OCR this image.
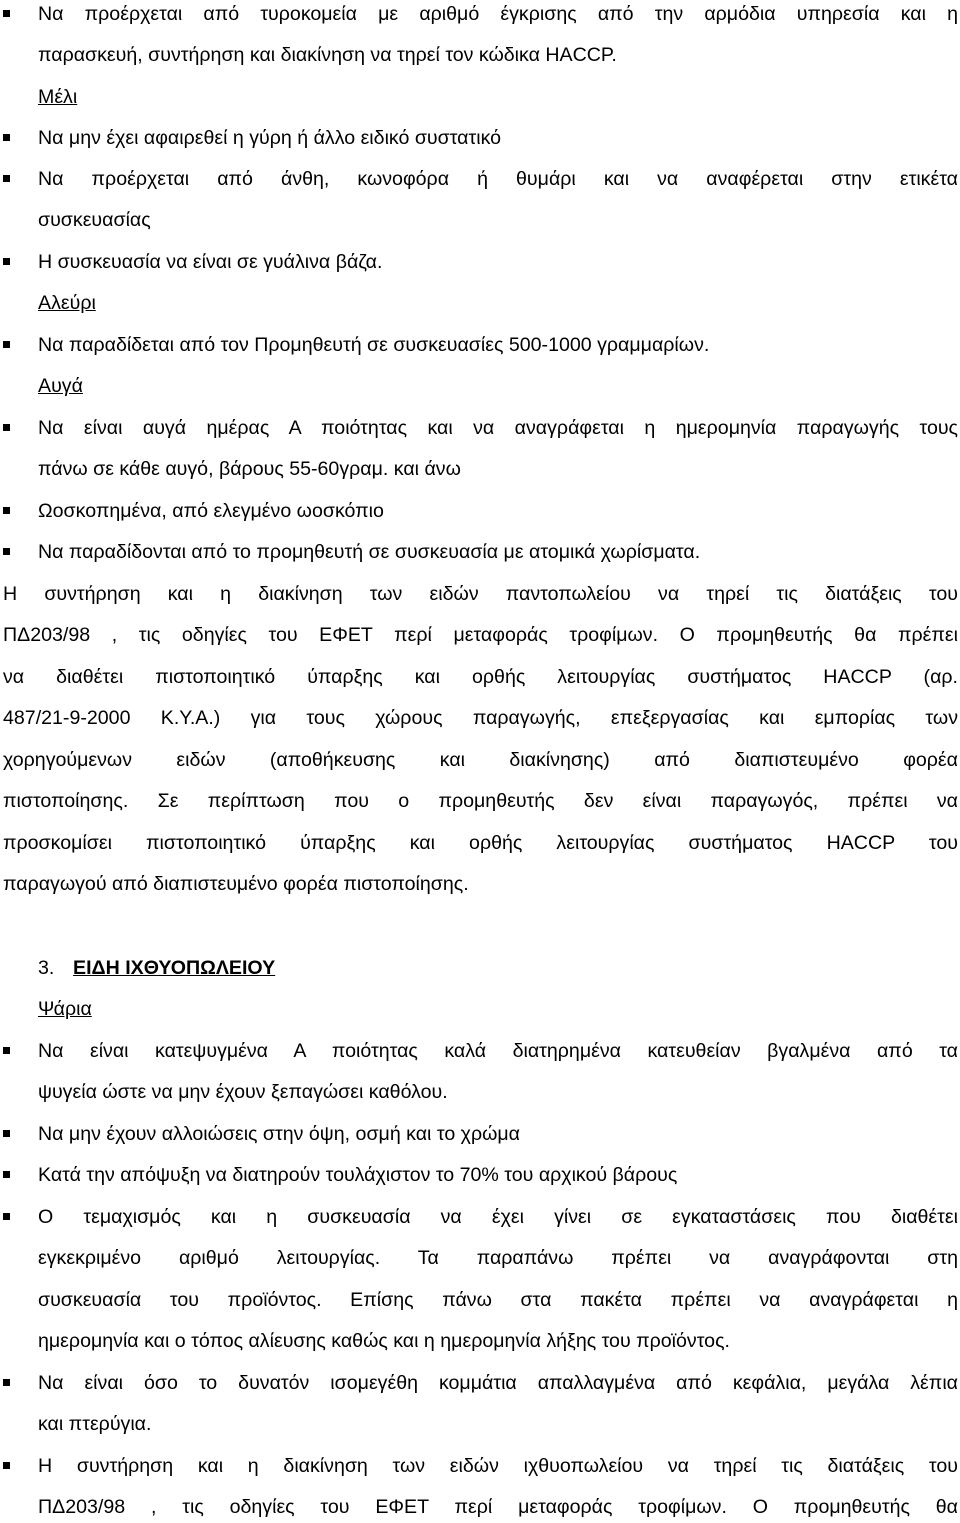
Να προέρχεται από τυροκομεία με αριθμό έγκρισης από την αρμόδια υπηρεσία και η
παρασκευή, συντήρηση και διακίνηση να τηρεί τον κώδικα HACCP.
Μέλι
Να μην έχει αφαιρεθεί η γύρη ή άλλο ειδικό συστατικό
Να προέρχεται από άνθη, κωνοφόρα ή θυμάρι και να αναφέρεται στην ετικέτα
συσκευασίας
Η συσκευασία να είναι σε γυάλινα βάζα.
Αλεύρι
Να παραδίδεται από τον Προμηθευτή σε συσκευασίες 500-1000 γραμμαρίων.
Αυγά
Να είναι αυγά ημέρας Α ποιότητας και να αναγράφεται η ημερομηνία παραγωγής τους
πάνω σε κάθε αυγό, βάρους 55-60γραμ. και άνω
Ωοσκοπημένα, από ελεγμένο ωοσκόπιο
Να παραδίδονται από το προμηθευτή σε συσκευασία με ατομικά χωρίσματα.
Η συντήρηση και η διακίνηση των ειδών παντοπωλείου να τηρεί τις διατάξεις του
ΠΔ203/98 , τις οδηγίες του ΕΦΕΤ περί μεταφοράς τροφίμων. Ο προμηθευτής θα πρέπει
να διαθέτει πιστοποιητικό ύπαρξης και ορθής λειτουργίας συστήματος HACCP (αρ.
487/21-9-2000 Κ.Υ.Α.) για τους χώρους παραγωγής, επεξεργασίας και εμπορίας των
χορηγούμενων ειδών (αποθήκευσης και διακίνησης) από διαπιστευμένο φορέα
πιστοποίησης. Σε περίπτωση που ο προμηθευτής δεν είναι παραγωγός, πρέπει να
προσκομίσει πιστοποιητικό ύπαρξης και ορθής λειτουργίας συστήματος HACCP του
παραγωγού από διαπιστευμένο φορέα πιστοποίησης.
3. ΕΙΔΗ ΙΧΘΥΟΠΩΛΕΙΟΥ
Ψάρια
Να είναι κατεψυγμένα Α ποιότητας καλά διατηρημένα κατευθείαν βγαλμένα από τα
ψυγεία ώστε να μην έχουν ξεπαγώσει καθόλου.
Να μην έχουν αλλοιώσεις στην όψη, οσμή και το χρώμα
Κατά την απόψυξη να διατηρούν τουλάχιστον το 70% του αρχικού βάρους
Ο τεμαχισμός και η συσκευασία να έχει γίνει σε εγκαταστάσεις που διαθέτει
εγκεκριμένο αριθμό λειτουργίας. Τα παραπάνω πρέπει να αναγράφονται στη
συσκευασία του προϊόντος. Επίσης πάνω στα πακέτα πρέπει να αναγράφεται η
ημερομηνία και ο τόπος αλίευσης καθώς και η ημερομηνία λήξης του προϊόντος.
Να είναι όσο το δυνατόν ισομεγέθη κομμάτια απαλλαγμένα από κεφάλια, μεγάλα λέπια
και πτερύγια.
Η συντήρηση και η διακίνηση των ειδών ιχθυοπωλείου να τηρεί τις διατάξεις του
ΠΔ203/98 , τις οδηγίες του ΕΦΕΤ περί μεταφοράς τροφίμων. Ο προμηθευτής θα
